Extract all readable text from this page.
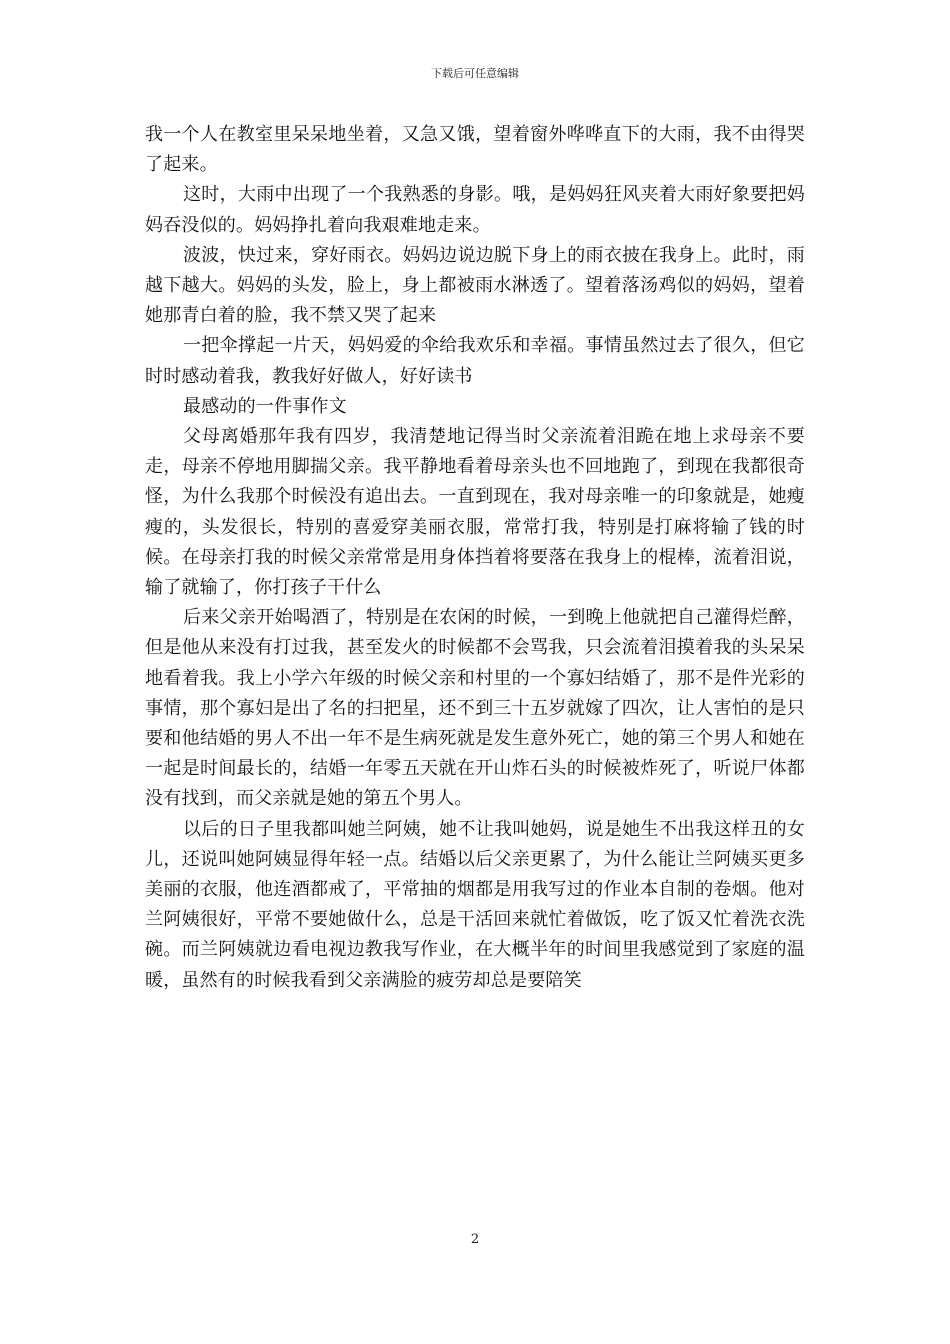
下载后可任意编辑

我一个人在教室里呆呆地坐着，又急又饿，望着窗外哗哗直下的大雨，我不由得哭了起来。

这时，大雨中出现了一个我熟悉的身影。哦，是妈妈狂风夹着大雨好象要把妈妈吞没似的。妈妈挣扎着向我艰难地走来。

波波，快过来，穿好雨衣。妈妈边说边脱下身上的雨衣披在我身上。此时，雨越下越大。妈妈的头发，脸上，身上都被雨水淋透了。望着落汤鸡似的妈妈，望着她那青白着的脸，我不禁又哭了起来

一把伞撑起一片天，妈妈爱的伞给我欢乐和幸福。事情虽然过去了很久，但它时时感动着我，教我好好做人，好好读书

最感动的一件事作文

父母离婚那年我有四岁，我清楚地记得当时父亲流着泪跪在地上求母亲不要走，母亲不停地用脚揣父亲。我平静地看着母亲头也不回地跑了，到现在我都很奇怪，为什么我那个时候没有追出去。一直到现在，我对母亲唯一的印象就是，她瘦瘦的，头发很长，特别的喜爱穿美丽衣服，常常打我，特别是打麻将输了钱的时候。在母亲打我的时候父亲常常是用身体挡着将要落在我身上的棍棒，流着泪说，输了就输了，你打孩子干什么

后来父亲开始喝酒了，特别是在农闲的时候，一到晚上他就把自己灌得烂醉，但是他从来没有打过我，甚至发火的时候都不会骂我，只会流着泪摸着我的头呆呆地看着我。我上小学六年级的时候父亲和村里的一个寡妇结婚了，那不是件光彩的事情，那个寡妇是出了名的扫把星，还不到三十五岁就嫁了四次，让人害怕的是只要和他结婚的男人不出一年不是生病死就是发生意外死亡，她的第三个男人和她在一起是时间最长的，结婚一年零五天就在开山炸石头的时候被炸死了，听说尸体都没有找到，而父亲就是她的第五个男人。

以后的日子里我都叫她兰阿姨，她不让我叫她妈，说是她生不出我这样丑的女儿，还说叫她阿姨显得年轻一点。结婚以后父亲更累了，为什么能让兰阿姨买更多美丽的衣服，他连酒都戒了，平常抽的烟都是用我写过的作业本自制的卷烟。他对兰阿姨很好，平常不要她做什么，总是干活回来就忙着做饭，吃了饭又忙着洗衣洗碗。而兰阿姨就边看电视边教我写作业，在大概半年的时间里我感觉到了家庭的温暖，虽然有的时候我看到父亲满脸的疲劳却总是要陪笑

2
